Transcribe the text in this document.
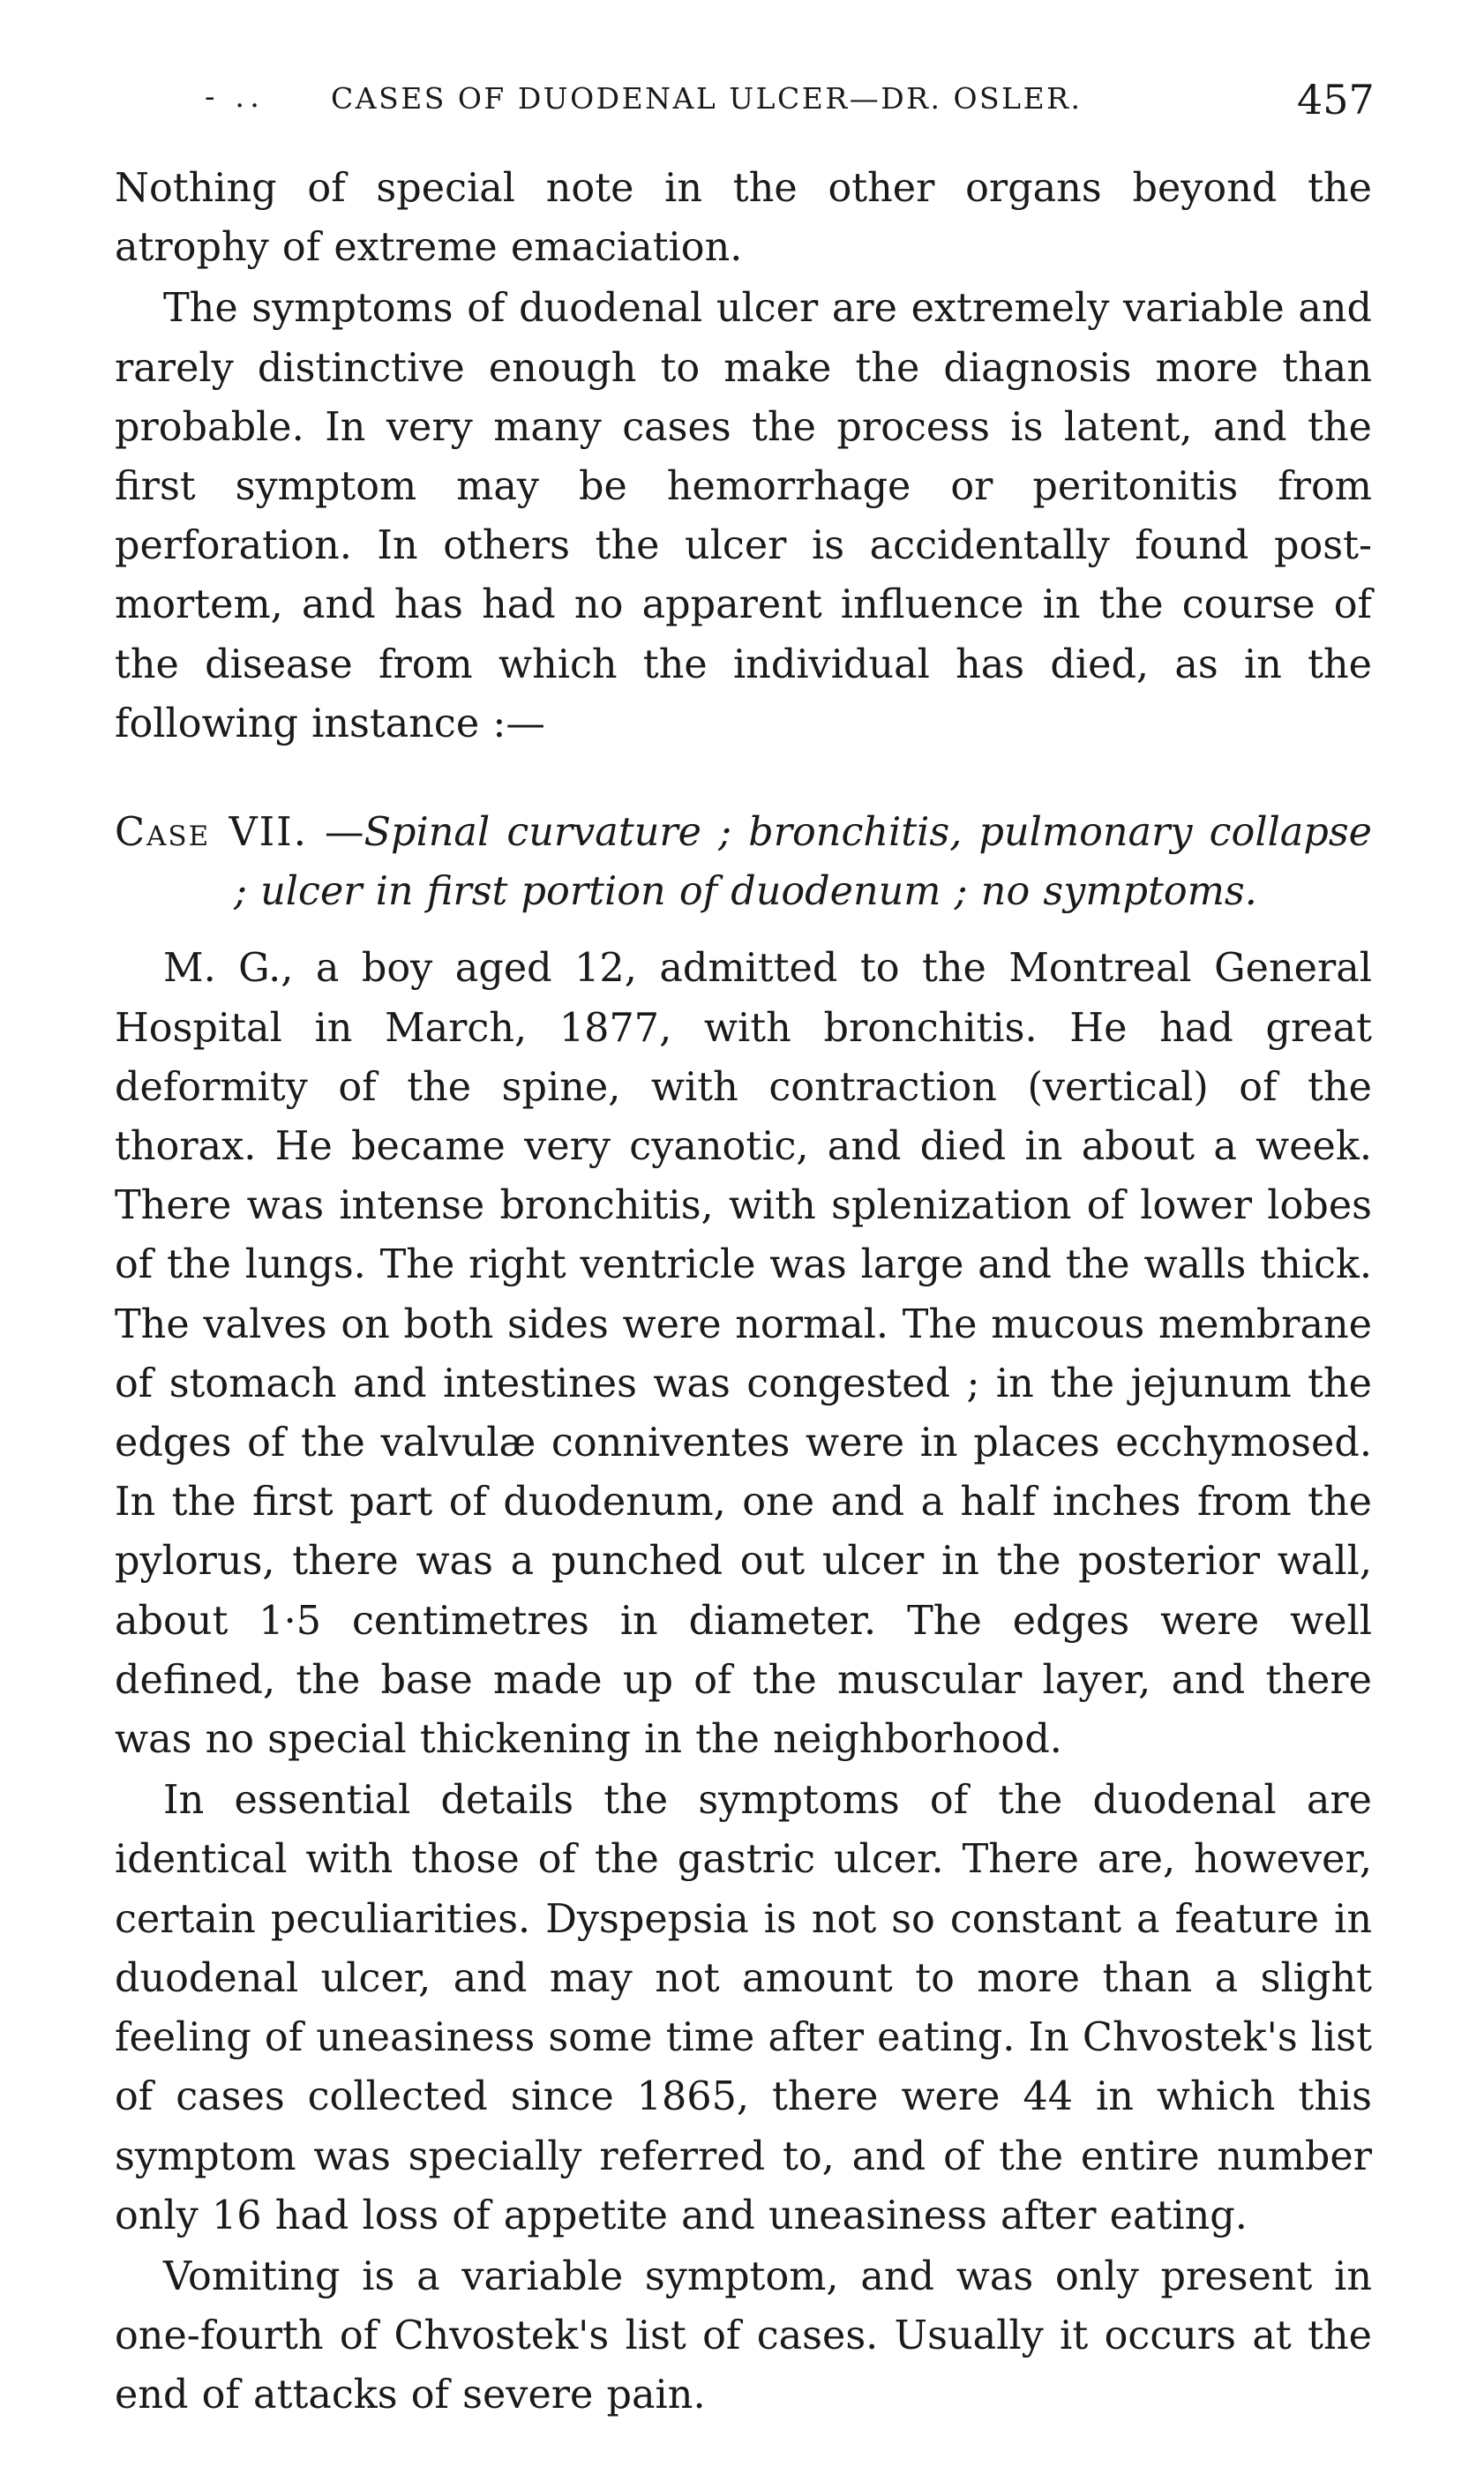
- .. CASES OF DUODENAL ULCER—DR. OSLER.	457

Nothing of special note in the other organs beyond the atrophy of extreme emaciation.

The symptoms of duodenal ulcer are extremely variable and rarely distinctive enough to make the diagnosis more than probable. In very many cases the process is latent, and the first symptom may be hemorrhage or peritonitis from perforation. In others the ulcer is accidentally found post-mortem, and has had no apparent influence in the course of the disease from which the individual has died, as in the following instance :—

Case VII. —Spinal curvature ; bronchitis, pulmonary collapse ; ulcer in first portion of duodenum ; no symptoms.

M. G., a boy aged 12, admitted to the Montreal General Hospital in March, 1877, with bronchitis. He had great deformity of the spine, with contraction (vertical) of the thorax. He became very cyanotic, and died in about a week. There was intense bronchitis, with splenization of lower lobes of the lungs. The right ventricle was large and the walls thick. The valves on both sides were normal. The mucous membrane of stomach and intestines was congested ; in the jejunum the edges of the valvulæ conniventes were in places ecchymosed. In the first part of duodenum, one and a half inches from the pylorus, there was a punched out ulcer in the posterior wall, about 1·5 centimetres in diameter. The edges were well defined, the base made up of the muscular layer, and there was no special thickening in the neighborhood.

In essential details the symptoms of the duodenal are identical with those of the gastric ulcer. There are, however, certain peculiarities. Dyspepsia is not so constant a feature in duodenal ulcer, and may not amount to more than a slight feeling of uneasiness some time after eating. In Chvostek's list of cases collected since 1865, there were 44 in which this symptom was specially referred to, and of the entire number only 16 had loss of appetite and uneasiness after eating.

Vomiting is a variable symptom, and was only present in one-fourth of Chvostek's list of cases. Usually it occurs at the end of attacks of severe pain.
